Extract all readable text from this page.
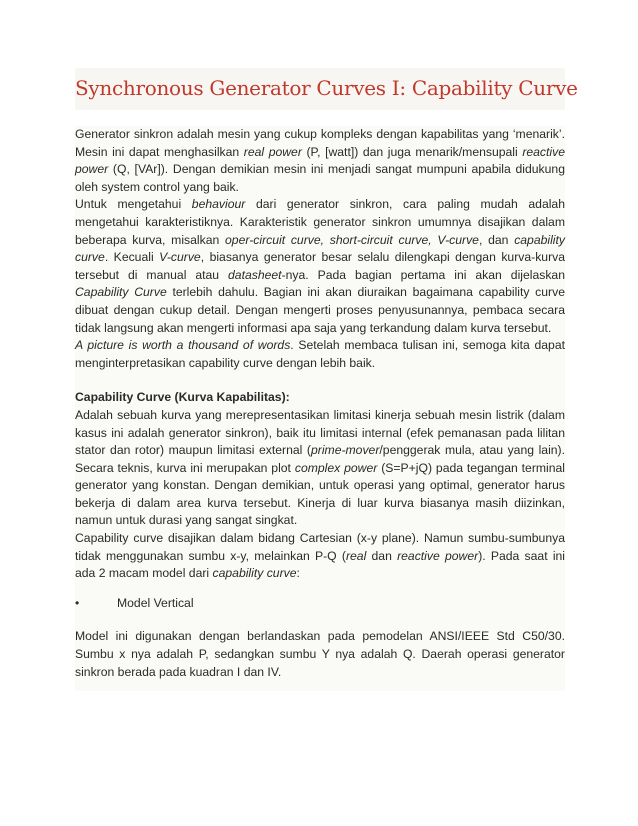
Synchronous Generator Curves I: Capability Curve

Generator sinkron adalah mesin yang cukup kompleks dengan kapabilitas yang ‘menarik’. Mesin ini dapat menghasilkan real power (P, [watt]) dan juga menarik/mensupali reactive power (Q, [VAr]). Dengan demikian mesin ini menjadi sangat mumpuni apabila didukung oleh system control yang baik.

Untuk mengetahui behaviour dari generator sinkron, cara paling mudah adalah mengetahui karakteristiknya. Karakteristik generator sinkron umumnya disajikan dalam beberapa kurva, misalkan oper-circuit curve, short-circuit curve, V-curve, dan capability curve. Kecuali V-curve, biasanya generator besar selalu dilengkapi dengan kurva-kurva tersebut di manual atau datasheet-nya. Pada bagian pertama ini akan dijelaskan Capability Curve terlebih dahulu. Bagian ini akan diuraikan bagaimana capability curve dibuat dengan cukup detail. Dengan mengerti proses penyusunannya, pembaca secara tidak langsung akan mengerti informasi apa saja yang terkandung dalam kurva tersebut.

A picture is worth a thousand of words. Setelah membaca tulisan ini, semoga kita dapat menginterpretasikan capability curve dengan lebih baik.

Capability Curve (Kurva Kapabilitas):

Adalah sebuah kurva yang merepresentasikan limitasi kinerja sebuah mesin listrik (dalam kasus ini adalah generator sinkron), baik itu limitasi internal (efek pemanasan pada lilitan stator dan rotor) maupun limitasi external (prime-mover/penggerak mula, atau yang lain). Secara teknis, kurva ini merupakan plot complex power (S=P+jQ) pada tegangan terminal generator yang konstan. Dengan demikian, untuk operasi yang optimal, generator harus bekerja di dalam area kurva tersebut. Kinerja di luar kurva biasanya masih diizinkan, namun untuk durasi yang sangat singkat.

Capability curve disajikan dalam bidang Cartesian (x-y plane). Namun sumbu-sumbunya tidak menggunakan sumbu x-y, melainkan P-Q (real dan reactive power). Pada saat ini ada 2 macam model dari capability curve:

•	Model Vertical

Model ini digunakan dengan berlandaskan pada pemodelan ANSI/IEEE Std C50/30. Sumbu x nya adalah P, sedangkan sumbu Y nya adalah Q. Daerah operasi generator sinkron berada pada kuadran I dan IV.
